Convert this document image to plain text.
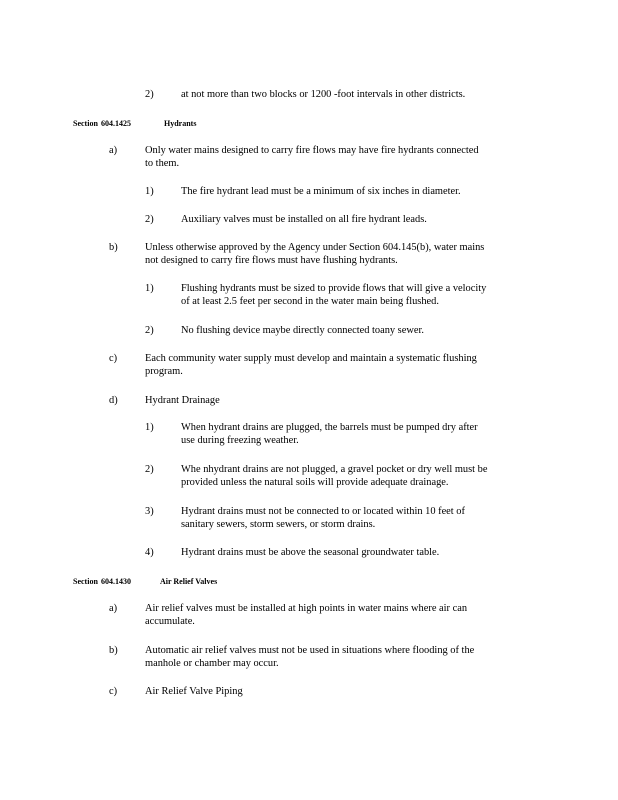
2)	at not more than two blocks or 1200 -foot intervals in other districts.
Section 604.1425	Hydrants
a)	Only water mains designed to carry fire flows may have fire hydrants connected
to them.
1)	The fire hydrant lead must be a minimum of six inches in diameter.
2)	Auxiliary valves must be installed on all fire hydrant leads.
b)	Unless otherwise approved by the Agency under Section 604.145(b), water mains
not designed to carry fire flows must have flushing hydrants.
1)	Flushing hydrants must be sized to provide flows that will give a velocity
of at least 2.5 feet per second in the water main being flushed.
2)	No flushing device maybe directly connected toany sewer.
c)	Each community water supply must develop and maintain a systematic flushing
program.
d)	Hydrant Drainage
1)	When hydrant drains are plugged, the barrels must be pumped dry after
use during freezing weather.
2)	Whe nhydrant drains are not plugged, a gravel pocket or dry well must be
provided unless the natural soils will provide adequate drainage.
3)	Hydrant drains must not be connected to or located within 10 feet of
sanitary sewers, storm sewers, or storm drains.
4)	Hydrant drains must be above the seasonal groundwater table.
Section 604.1430	Air Relief Valves
a)	Air relief valves must be installed at high points in water mains where air can
accumulate.
b)	Automatic air relief valves must not be used in situations where flooding of the
manhole or chamber may occur.
c)	Air Relief Valve Piping
